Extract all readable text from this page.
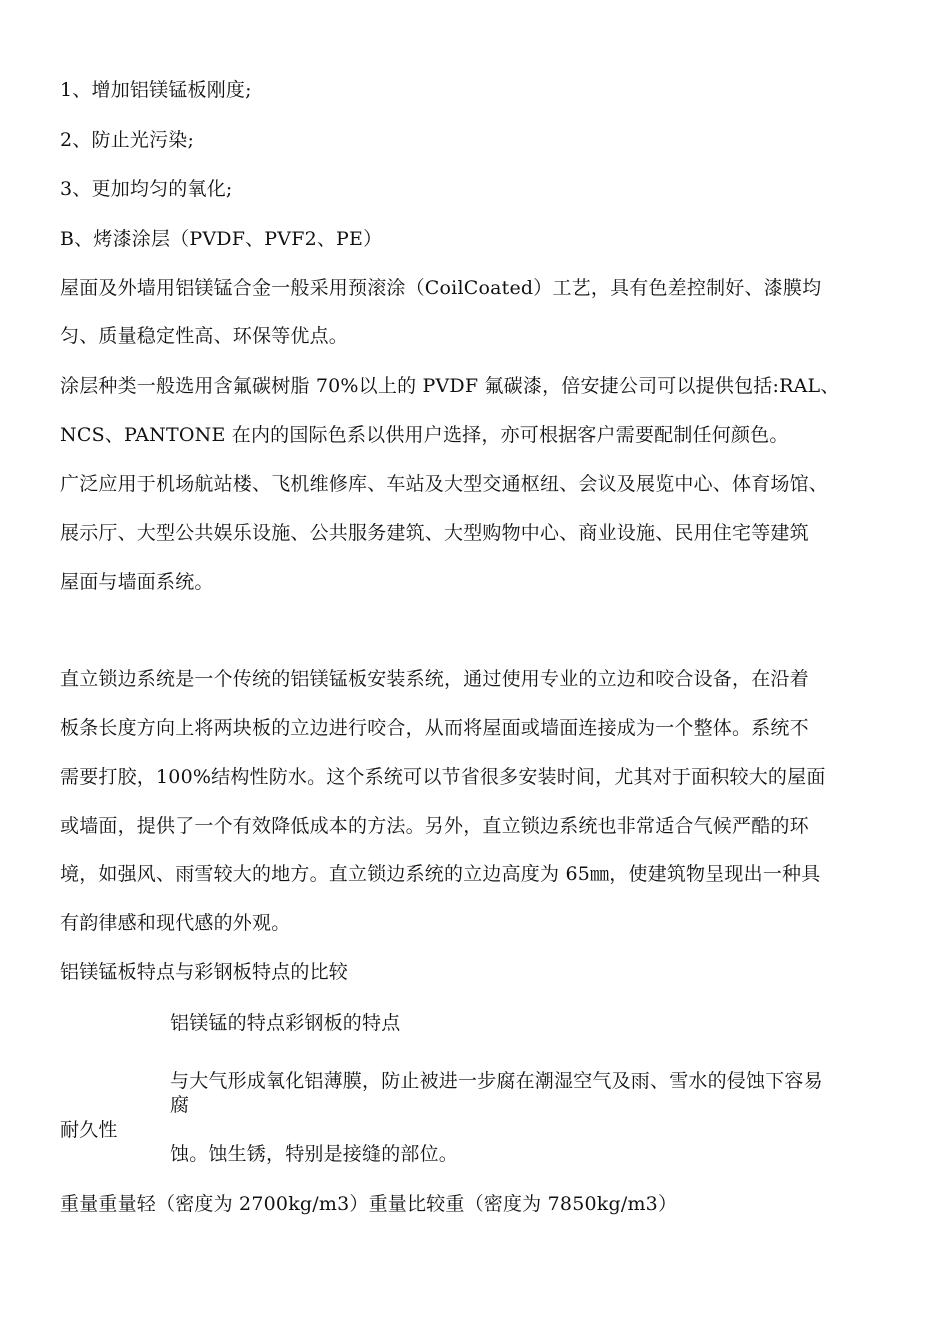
1、增加铝镁锰板刚度;
2、防止光污染;
3、更加均匀的氧化;
B、烤漆涂层（PVDF、PVF2、PE）
屋面及外墙用铝镁锰合金一般采用预滚涂（CoilCoated）工艺，具有色差控制好、漆膜均
匀、质量稳定性高、环保等优点。
涂层种类一般选用含氟碳树脂 70%以上的 PVDF 氟碳漆，倍安捷公司可以提供包括:RAL、
NCS、PANTONE 在内的国际色系以供用户选择，亦可根据客户需要配制任何颜色。
广泛应用于机场航站楼、飞机维修库、车站及大型交通枢纽、会议及展览中心、体育场馆、
展示厅、大型公共娱乐设施、公共服务建筑、大型购物中心、商业设施、民用住宅等建筑
屋面与墙面系统。
直立锁边系统是一个传统的铝镁锰板安装系统，通过使用专业的立边和咬合设备，在沿着
板条长度方向上将两块板的立边进行咬合，从而将屋面或墙面连接成为一个整体。系统不
需要打胶，100%结构性防水。这个系统可以节省很多安装时间，尤其对于面积较大的屋面
或墙面，提供了一个有效降低成本的方法。另外，直立锁边系统也非常适合气候严酷的环
境，如强风、雨雪较大的地方。直立锁边系统的立边高度为 65㎜，使建筑物呈现出一种具
有韵律感和现代感的外观。
铝镁锰板特点与彩钢板特点的比较
铝镁锰的特点彩钢板的特点
与大气形成氧化铝薄膜，防止被进一步腐在潮湿空气及雨、雪水的侵蚀下容易
腐
耐久性
蚀。蚀生锈，特别是接缝的部位。
重量重量轻（密度为 2700kg/m3）重量比较重（密度为 7850kg/m3）
